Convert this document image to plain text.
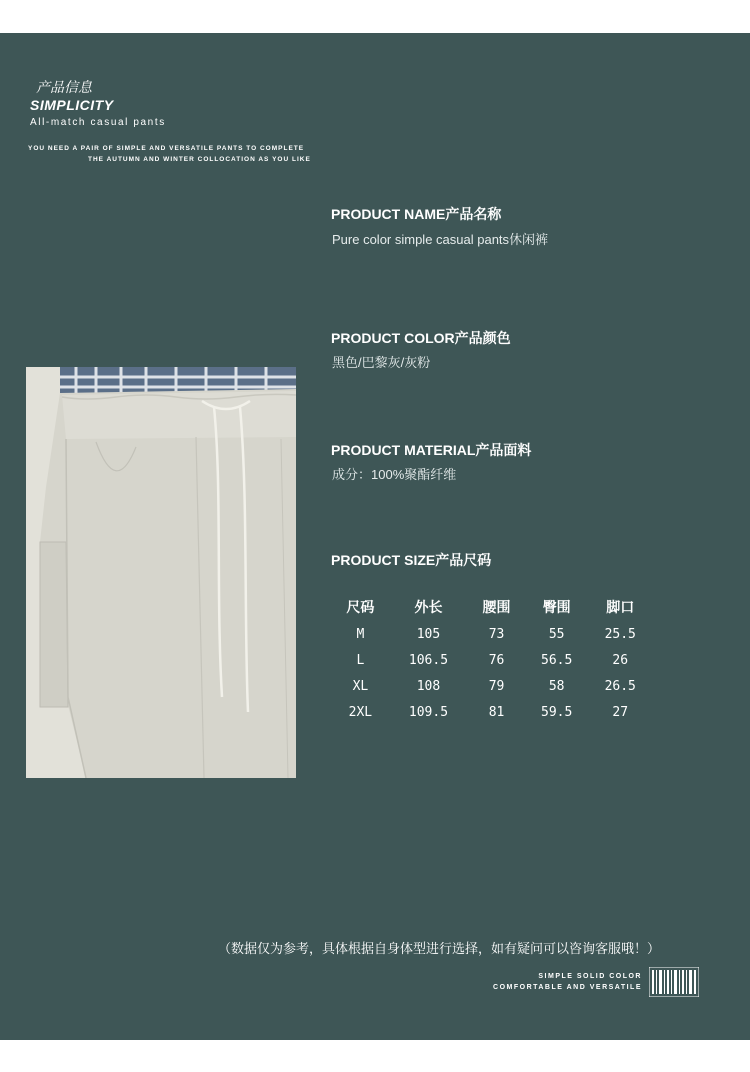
产品信息
SIMPLICITY
All-match casual pants
YOU NEED A PAIR OF SIMPLE AND VERSATILE PANTS TO COMPLETE
THE AUTUMN AND WINTER COLLOCATION AS YOU LIKE
PRODUCT NAME产品名称
Pure color simple casual pants休闲裤
PRODUCT COLOR产品颜色
黑色/巴黎灰/灰粉
PRODUCT MATERIAL产品面料
成分：100%聚酯纤维
PRODUCT SIZE产品尺码
尺码	外长	腰围	臀围	脚口
M	105	73	55	25.5
L	106.5	76	56.5	26
XL	108	79	58	26.5
2XL	109.5	81	59.5	27
（数据仅为参考，具体根据自身体型进行选择，如有疑问可以咨询客服哦！）
SIMPLE SOLID COLOR
COMFORTABLE AND VERSATILE
